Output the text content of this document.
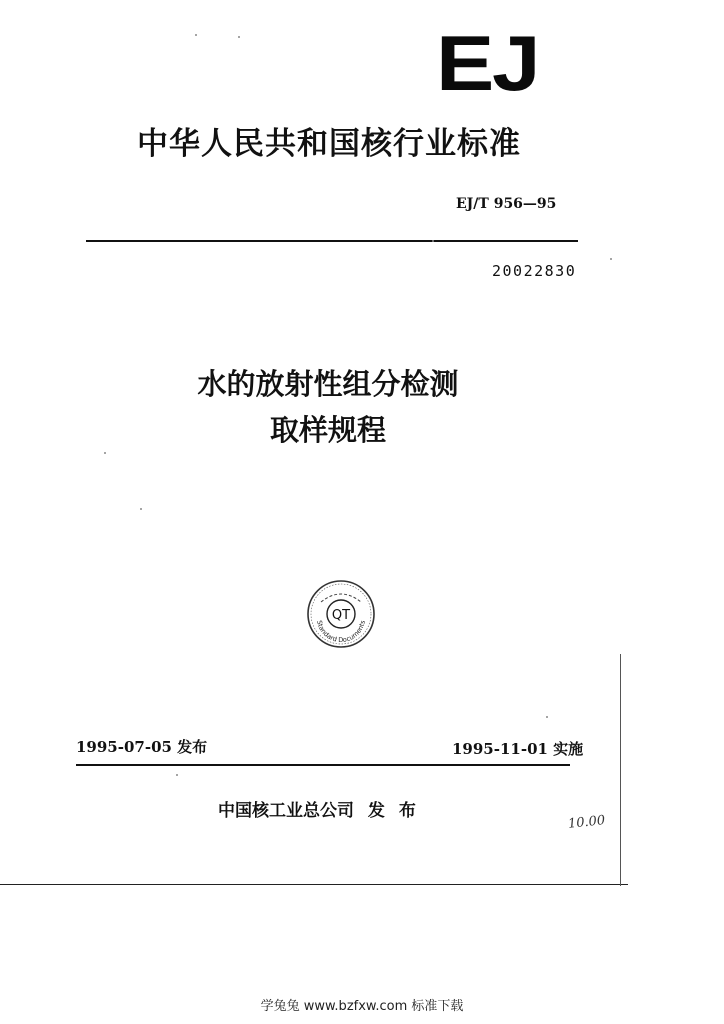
EJ
中华人民共和国核行业标准
EJ/T 956—95
20022830
水的放射性组分检测
取样规程
QT
Standard Documents
1995-07-05 发布	1995-11-01 实施
中国核工业总公司 发 布
10.00
学兔兔 www.bzfxw.com 标准下载
